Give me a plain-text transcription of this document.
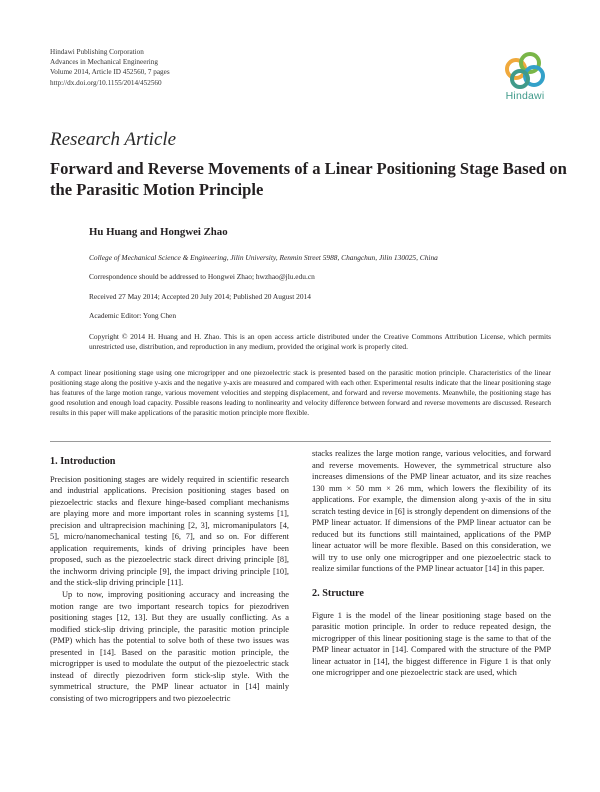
Hindawi Publishing Corporation
Advances in Mechanical Engineering
Volume 2014, Article ID 452560, 7 pages
http://dx.doi.org/10.1155/2014/452560
Hindawi
Research Article
Forward and Reverse Movements of a Linear Positioning Stage Based on the Parasitic Motion Principle
Hu Huang and Hongwei Zhao
College of Mechanical Science & Engineering, Jilin University, Renmin Street 5988, Changchun, Jilin 130025, China
Correspondence should be addressed to Hongwei Zhao; hwzhao@jlu.edu.cn
Received 27 May 2014; Accepted 20 July 2014; Published 20 August 2014
Academic Editor: Yong Chen
Copyright © 2014 H. Huang and H. Zhao. This is an open access article distributed under the Creative Commons Attribution License, which permits unrestricted use, distribution, and reproduction in any medium, provided the original work is properly cited.
A compact linear positioning stage using one microgripper and one piezoelectric stack is presented based on the parasitic motion principle. Characteristics of the linear positioning stage along the positive y-axis and the negative y-axis are measured and compared with each other. Experimental results indicate that the linear positioning stage has features of the large motion range, various movement velocities and stepping displacement, and forward and reverse movements. Meanwhile, the positioning stage has good resolution and enough load capacity. Possible reasons leading to nonlinearity and velocity difference between forward and reverse movements are discussed. Research results in this paper will make applications of the parasitic motion principle more flexible.

1. Introduction

Precision positioning stages are widely required in scientific research and industrial applications. Precision positioning stages based on piezoelectric stacks and flexure hinge-based compliant mechanisms are playing more and more important roles in scanning systems [1], precision and ultraprecision machining [2, 3], micromanipulators [4, 5], micro/nanomechanical testing [6, 7], and so on. For different application requirements, kinds of driving principles have been proposed, such as the piezoelectric stack direct driving principle [8], the inchworm driving principle [9], the impact driving principle [10], and the stick-slip driving principle [11].

Up to now, improving positioning accuracy and increasing the motion range are two important research topics for piezodriven positioning stages [12, 13]. But they are usually conflicting. As a modified stick-slip driving principle, the parasitic motion principle (PMP) which has the potential to solve both of these two issues was presented in [14]. Based on the parasitic motion principle, the microgripper is used to modulate the output of the piezoelectric stack instead of directly piezodriven form stick-slip style. With the symmetrical structure, the PMP linear actuator in [14] mainly consisting of two microgrippers and two piezoelectric

stacks realizes the large motion range, various velocities, and forward and reverse movements. However, the symmetrical structure also increases dimensions of the PMP linear actuator, and its size reaches 130 mm × 50 mm × 26 mm, which lowers the flexibility of its applications. For example, the dimension along y-axis of the in situ scratch testing device in [6] is strongly dependent on dimensions of the PMP linear actuator. If dimensions of the PMP linear actuator can be reduced but its functions still maintained, applications of the PMP linear actuator will be more flexible. Based on this consideration, we will try to use only one microgripper and one piezoelectric stack to realize similar functions of the PMP linear actuator [14] in this paper.

2. Structure

Figure 1 is the model of the linear positioning stage based on the parasitic motion principle. In order to reduce repeated design, the microgripper of this linear positioning stage is the same to that of the PMP linear actuator in [14]. Compared with the structure of the PMP linear actuator in [14], the biggest difference in Figure 1 is that only one microgripper and one piezoelectric stack are used, which
